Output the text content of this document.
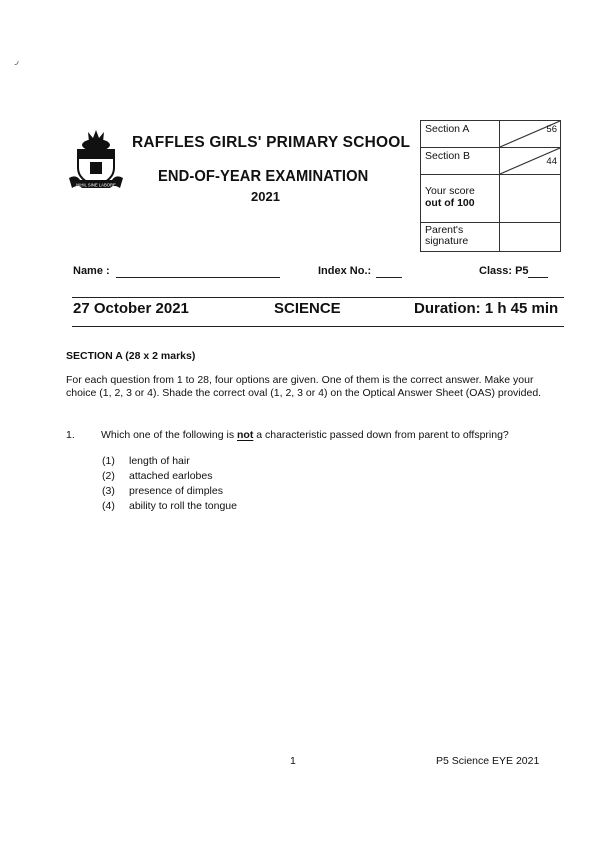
ر
NIHIL SINE LABORE
RAFFLES GIRLS' PRIMARY SCHOOL
END-OF-YEAR EXAMINATION
2021
Section A	56

Section B	44

Your score
out of 100	

Parent's
signature	

Name :	Index No.:	Class: P5
27 October 2021	SCIENCE	Duration: 1 h 45 min
SECTION A (28 x 2 marks)
For each question from 1 to 28, four options are given. One of them is the correct answer. Make your choice (1, 2, 3 or 4). Shade the correct oval (1, 2, 3 or 4) on the Optical Answer Sheet (OAS) provided.
1. Which one of the following is not a characteristic passed down from parent to offspring?
(1) length of hair
(2) attached earlobes
(3) presence of dimples
(4) ability to roll the tongue
1	P5 Science EYE 2021
